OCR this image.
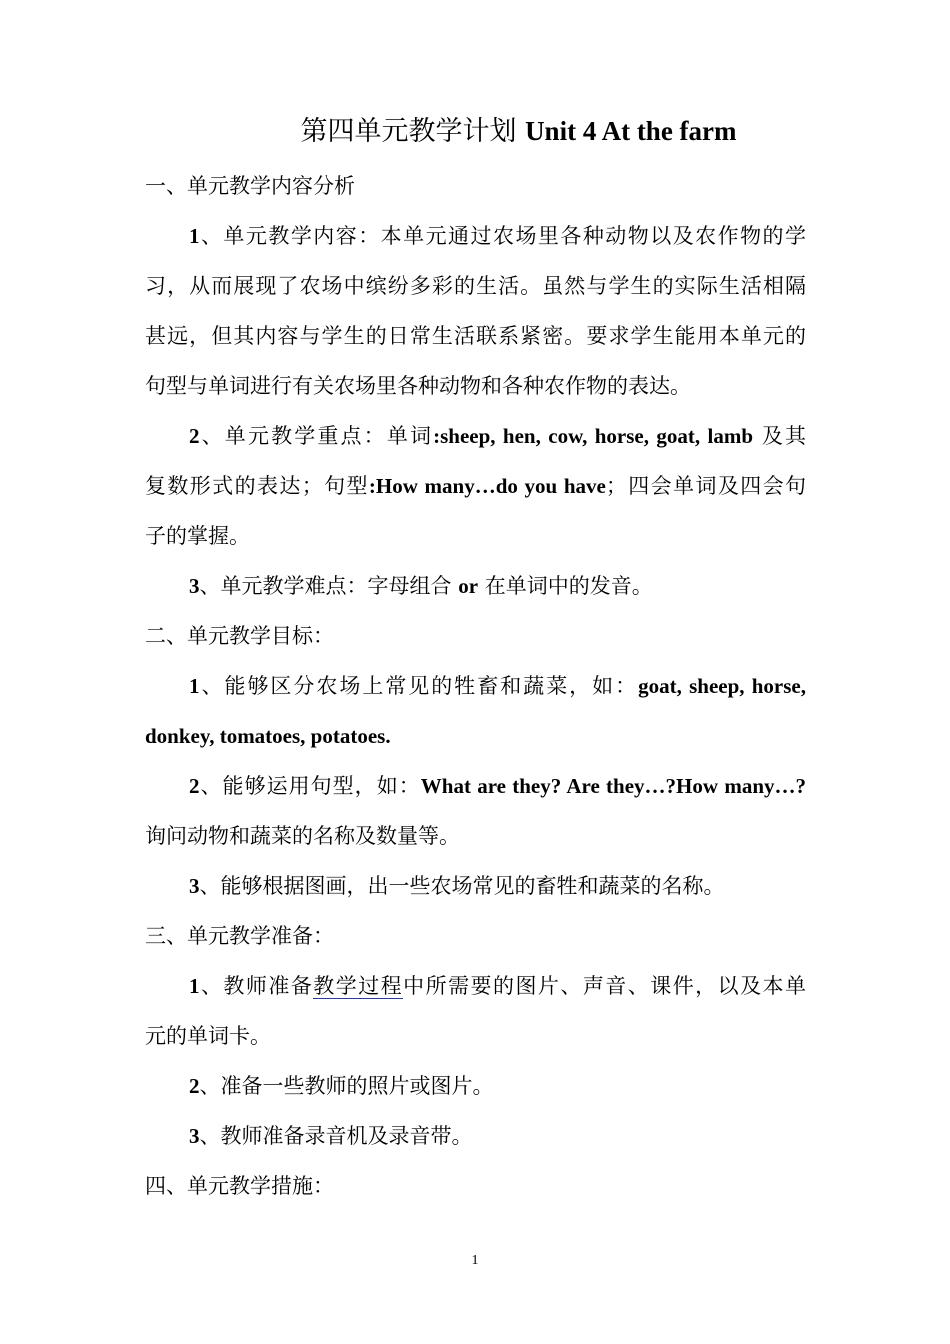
第四单元教学计划 Unit 4 At the farm
一、单元教学内容分析
1、单元教学内容：本单元通过农场里各种动物以及农作物的学
习，从而展现了农场中缤纷多彩的生活。虽然与学生的实际生活相隔
甚远，但其内容与学生的日常生活联系紧密。要求学生能用本单元的
句型与单词进行有关农场里各种动物和各种农作物的表达。
2、单元教学重点：单词:sheep, hen, cow, horse, goat, lamb 及其
复数形式的表达；句型:How many…do you have；四会单词及四会句
子的掌握。
3、单元教学难点：字母组合 or 在单词中的发音。
二、单元教学目标：
1、能够区分农场上常见的牲畜和蔬菜，如：goat, sheep, horse,
donkey, tomatoes, potatoes.
2、能够运用句型，如：What are they? Are they…?How many…?
询问动物和蔬菜的名称及数量等。
3、能够根据图画，出一些农场常见的畜牲和蔬菜的名称。
三、单元教学准备：
1、教师准备教学过程中所需要的图片、声音、课件，以及本单
元的单词卡。
2、准备一些教师的照片或图片。
3、教师准备录音机及录音带。
四、单元教学措施：
1
